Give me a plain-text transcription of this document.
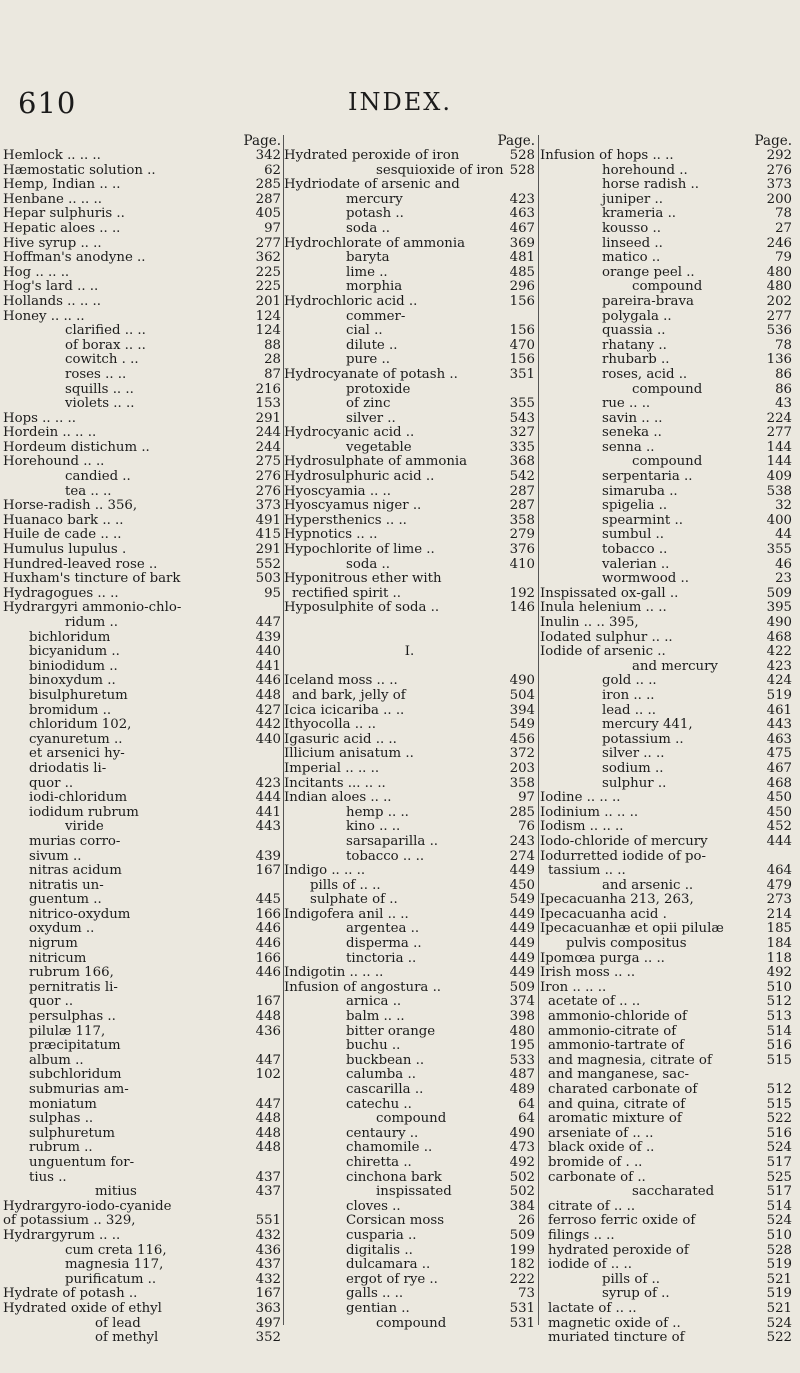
610	INDEX.
Page.
Hemlock .. .. ..	342
Hæmostatic solution ..	62
Hemp, Indian .. ..	285
Henbane .. .. ..	287
Hepar sulphuris ..	405
Hepatic aloes .. ..	97
Hive syrup .. ..	277
Hoffman's anodyne ..	362
Hog .. .. ..	225
Hog's lard .. ..	225
Hollands .. .. ..	201
Honey .. .. ..	124
clarified .. ..	124
of borax .. ..	88
cowitch . ..	28
roses .. ..	87
squills .. ..	216
violets .. ..	153
Hops .. .. ..	291
Hordein .. .. ..	244
Hordeum distichum ..	244
Horehound .. ..	275
candied ..	276
tea .. ..	276
Horse-radish .. 356,	373
Huanaco bark .. ..	491
Huile de cade .. ..	415
Humulus lupulus .	291
Hundred-leaved rose ..	552
Huxham's tincture of bark	503
Hydragogues .. ..	95
Hydrargyri ammonio-chlo-
ridum ..	447
bichloridum	439
bicyanidum ..	440
biniodidum ..	441
binoxydum ..	446
bisulphuretum	448
bromidum ..	427
chloridum 102,	442
cyanuretum ..	440
et arsenici hy-
driodatis li-
quor ..	423
iodi-chloridum	444
iodidum rubrum	441
viride	443
murias corro-
sivum ..	439
nitras acidum	167
nitratis un-
guentum ..	445
nitrico-oxydum	166
oxydum ..	446
nigrum	446
nitricum	166
rubrum 166,	446
pernitratis li-
quor ..	167
persulphas ..	448
pilulæ 117,	436
præcipitatum
album ..	447
subchloridum	102
submurias am-
moniatum	447
sulphas ..	448
sulphuretum	448
rubrum ..	448
unguentum for-
tius ..	437
mitius	437
Hydrargyro-iodo-cyanide
of potassium .. 329,	551
Hydrargyrum .. ..	432
cum creta 116,	436
magnesia 117,	437
purificatum ..	432
Hydrate of potash ..	167
Hydrated oxide of ethyl	363
of lead	497
of methyl	352
Page.
Hydrated peroxide of iron	528
sesquioxide of iron 528
Hydriodate of arsenic and
mercury	423
potash ..	463
soda ..	467
Hydrochlorate of ammonia	369
baryta	481
lime ..	485
morphia	296
Hydrochloric acid ..	156
commer-
cial ..	156
dilute ..	470
pure ..	156
Hydrocyanate of potash ..	351
protoxide
of zinc	355
silver ..	543
Hydrocyanic acid ..	327
vegetable	335
Hydrosulphate of ammonia	368
Hydrosulphuric acid ..	542
Hyoscyamia .. ..	287
Hyoscyamus niger ..	287
Hypersthenics .. ..	358
Hypnotics .. ..	279
Hypochlorite of lime ..	376
soda ..	410
Hyponitrous ether with
rectified spirit ..	192
Hyposulphite of soda ..	146
I.
Iceland moss .. ..	490
and bark, jelly of	504
Icica icicariba .. ..	394
Ithyocolla .. ..	549
Igasuric acid .. ..	456
Illicium anisatum ..	372
Imperial .. .. ..	203
Incitants ... .. ..	358
Indian aloes .. ..	97
hemp .. ..	285
kino .. ..	76
sarsaparilla ..	243
tobacco .. ..	274
Indigo .. .. ..	449
pills of .. ..	450
sulphate of ..	549
Indigofera anil .. ..	449
argentea ..	449
disperma ..	449
tinctoria ..	449
Indigotin .. .. ..	449
Infusion of angostura ..	509
arnica ..	374
balm .. ..	398
bitter orange	480
buchu ..	195
buckbean ..	533
calumba ..	487
cascarilla ..	489
catechu ..	64
compound	64
centaury ..	490
chamomile ..	473
chiretta ..	492
cinchona bark	502
inspissated	502
cloves ..	384
Corsican moss	26
cusparia ..	509
digitalis ..	199
dulcamara ..	182
ergot of rye ..	222
galls .. ..	73
gentian ..	531
compound	531
Page.
Infusion of hops .. ..	292
horehound ..	276
horse radish ..	373
juniper ..	200
krameria ..	78
kousso ..	27
linseed ..	246
matico ..	79
orange peel ..	480
compound	480
pareira-brava	202
polygala ..	277
quassia ..	536
rhatany ..	78
rhubarb ..	136
roses, acid ..	86
compound	86
rue .. ..	43
savin .. ..	224
seneka ..	277
senna ..	144
compound	144
serpentaria ..	409
simaruba ..	538
spigelia ..	32
spearmint ..	400
sumbul ..	44
tobacco ..	355
valerian ..	46
wormwood ..	23
Inspissated ox-gall ..	509
Inula helenium .. ..	395
Inulin .. .. 395,	490
Iodated sulphur .. ..	468
Iodide of arsenic ..	422
and mercury	423
gold .. ..	424
iron .. ..	519
lead .. ..	461
mercury 441,	443
potassium ..	463
silver .. ..	475
sodium ..	467
sulphur ..	468
Iodine .. .. ..	450
Iodinium .. .. ..	450
Iodism .. .. ..	452
Iodo-chloride of mercury	444
Iodurretted iodide of po-
tassium .. ..	464
and arsenic ..	479
Ipecacuanha 213, 263,	273
Ipecacuanha acid .	214
Ipecacuanhæ et opii pilulæ	185
pulvis compositus	184
Ipomœa purga .. ..	118
Irish moss .. ..	492
Iron .. .. ..	510
acetate of .. ..	512
ammonio-chloride of	513
ammonio-citrate of	514
ammonio-tartrate of	516
and magnesia, citrate of	515
and manganese, sac-
charated carbonate of	512
and quina, citrate of	515
aromatic mixture of	522
arseniate of .. ..	516
black oxide of ..	524
bromide of . ..	517
carbonate of ..	525
saccharated	517
citrate of .. ..	514
ferroso ferric oxide of	524
filings .. ..	510
hydrated peroxide of	528
iodide of .. ..	519
pills of ..	521
syrup of ..	519
lactate of .. ..	521
magnetic oxide of ..	524
muriated tincture of	522
